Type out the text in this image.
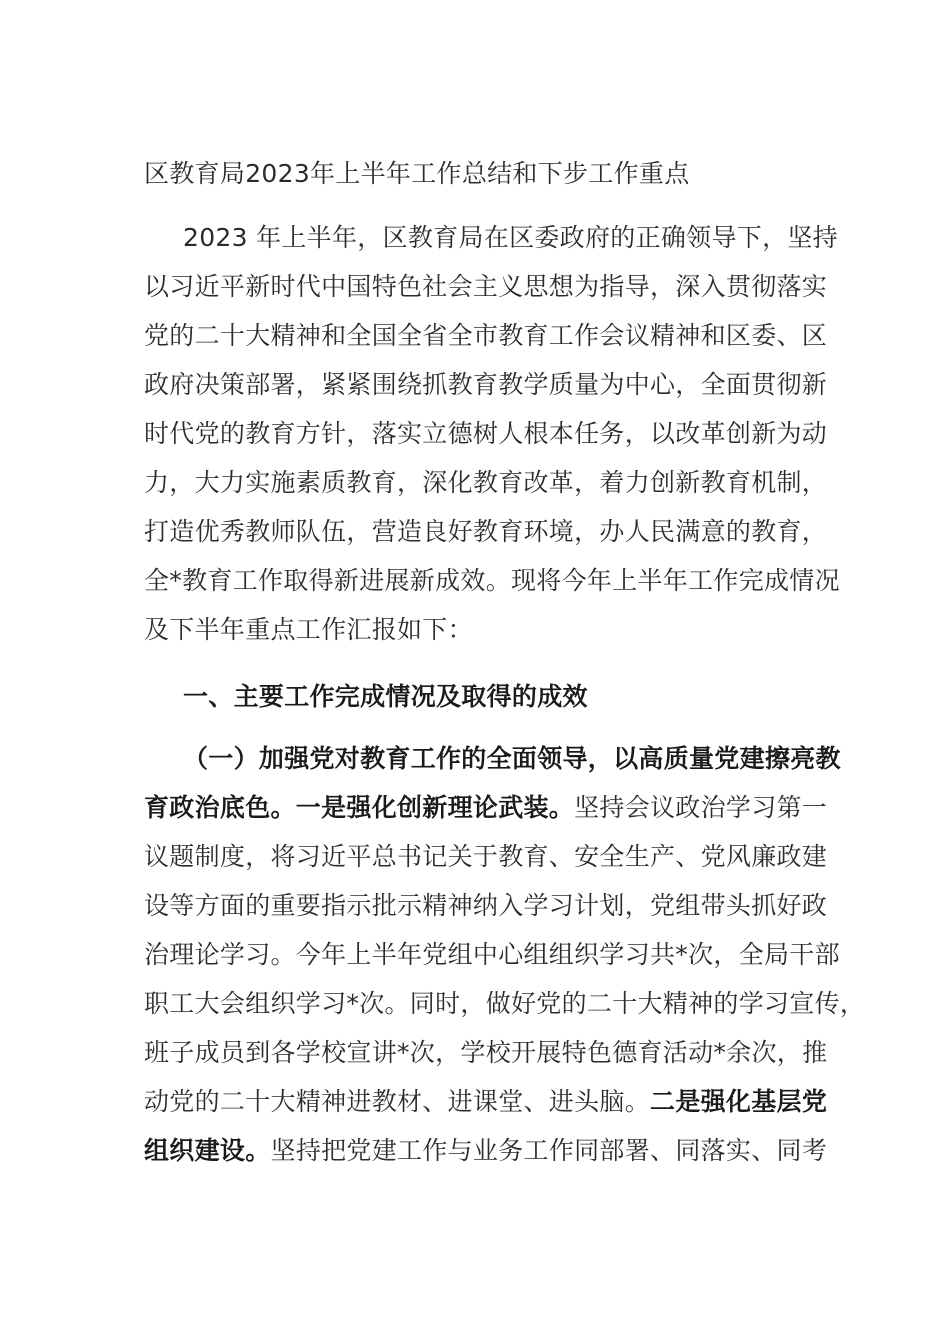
区教育局2023年上半年工作总结和下步工作重点
2023 年上半年，区教育局在区委政府的正确领导下，坚持
以习近平新时代中国特色社会主义思想为指导，深入贯彻落实
党的二十大精神和全国全省全市教育工作会议精神和区委、区
政府决策部署，紧紧围绕抓教育教学质量为中心，全面贯彻新
时代党的教育方针，落实立德树人根本任务，以改革创新为动
力，大力实施素质教育，深化教育改革，着力创新教育机制，
打造优秀教师队伍，营造良好教育环境，办人民满意的教育，
全*教育工作取得新进展新成效。现将今年上半年工作完成情况
及下半年重点工作汇报如下：
一、主要工作完成情况及取得的成效
（一）加强党对教育工作的全面领导，以高质量党建擦亮教
育政治底色。一是强化创新理论武装。坚持会议政治学习第一
议题制度，将习近平总书记关于教育、安全生产、党风廉政建
设等方面的重要指示批示精神纳入学习计划，党组带头抓好政
治理论学习。今年上半年党组中心组组织学习共*次，全局干部
职工大会组织学习*次。同时，做好党的二十大精神的学习宣传，
班子成员到各学校宣讲*次，学校开展特色德育活动*余次，推
动党的二十大精神进教材、进课堂、进头脑。二是强化基层党
组织建设。坚持把党建工作与业务工作同部署、同落实、同考
